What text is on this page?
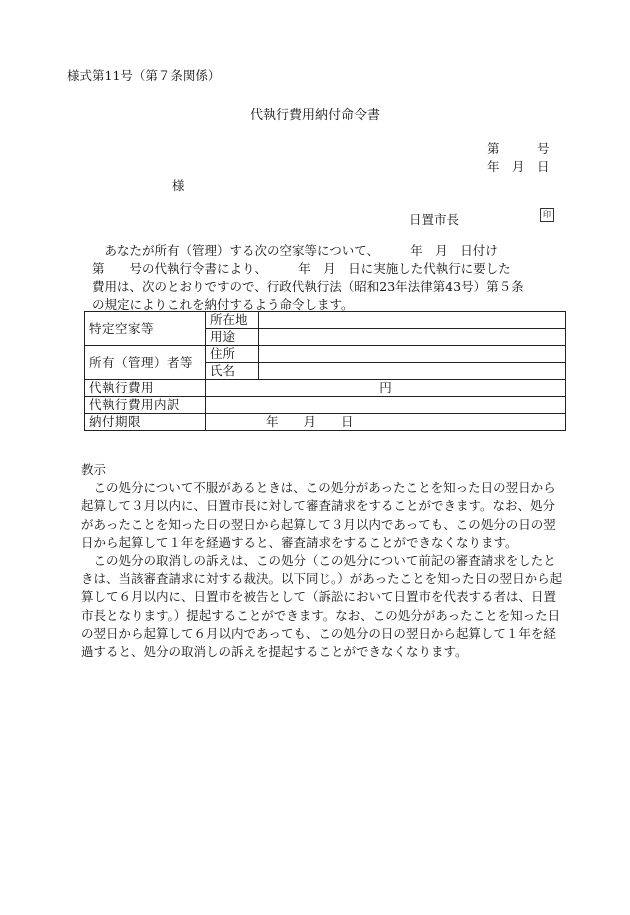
様式第11号（第７条関係）
代執行費用納付命令書
第　　　号
年　月　日
様
日置市長	印

あなたが所有（管理）する次の空家等について、　　　年　月　日付け

第　　号の代執行令書により、　　　年　月　日に実施した代執行に要した

費用は、次のとおりですので、行政代執行法（昭和23年法律第43号）第５条

の規定によりこれを納付するよう命令します。

特定空家等	所在地	
	用途	
所有（管理）者等	住所	
	氏名	
代執行費用	円	
代執行費用内訳		
納付期限	年　　月　　日	

教示

この処分について不服があるときは、この処分があったことを知った日の翌日から起算して３月以内に、日置市長に対して審査請求をすることができます。なお、処分があったことを知った日の翌日から起算して３月以内であっても、この処分の日の翌日から起算して１年を経過すると、審査請求をすることができなくなります。

この処分の取消しの訴えは、この処分（この処分について前記の審査請求をしたときは、当該審査請求に対する裁決。以下同じ。）があったことを知った日の翌日から起算して６月以内に、日置市を被告として（訴訟において日置市を代表する者は、日置市長となります。）提起することができます。なお、この処分があったことを知った日の翌日から起算して６月以内であっても、この処分の日の翌日から起算して１年を経過すると、処分の取消しの訴えを提起することができなくなります。
